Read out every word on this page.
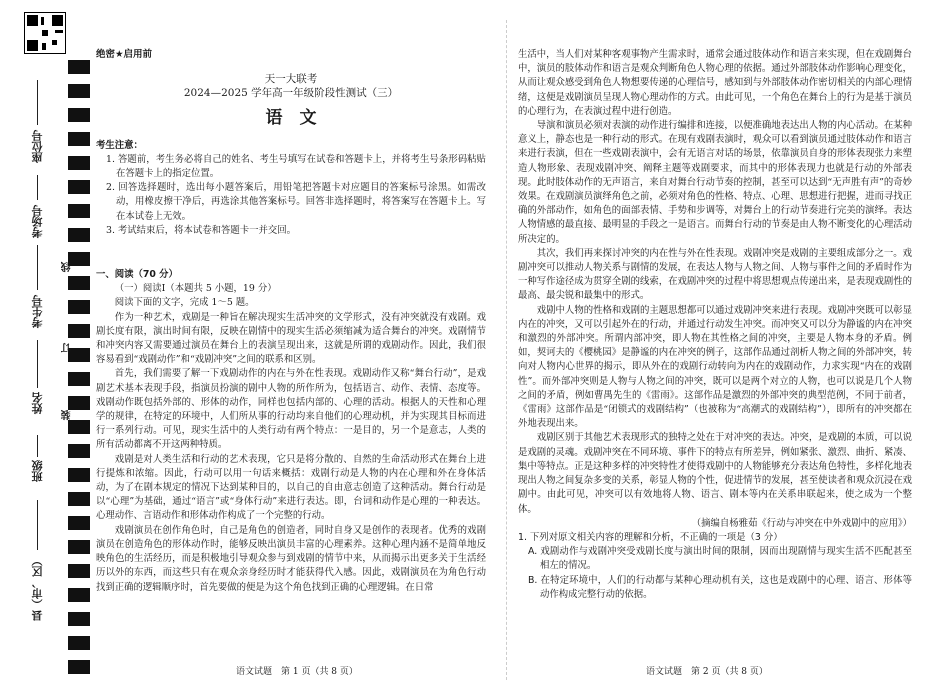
座位号
考场号
考生号
姓名
班级
县（市、区）
线
订
装
绝密★启用前
天一大联考
2024—2025 学年高一年级阶段性测试（三）
语　文
考生注意：

1. 答题前，考生务必将自己的姓名、考生号填写在试卷和答题卡上，并将考生号条形码粘贴在答题卡上的指定位置。

2. 回答选择题时，选出每小题答案后，用铅笔把答题卡对应题目的答案标号涂黑。如需改动，用橡皮擦干净后，再选涂其他答案标号。回答非选择题时，将答案写在答题卡上。写在本试卷上无效。

3. 考试结束后，将本试卷和答题卡一并交回。

一、阅读（70 分）

（一）阅读Ⅰ（本题共 5 小题，19 分）

阅读下面的文字，完成 1～5 题。

作为一种艺术，戏剧是一种旨在解决现实生活冲突的文学形式，没有冲突就没有戏剧。戏剧长度有限，演出时间有限，反映在剧情中的现实生活必须缩减为适合舞台的冲突。戏剧情节和冲突内容又需要通过演员在舞台上的表演呈现出来，这就是所谓的戏剧动作。因此，我们很容易看到“戏剧动作”和“戏剧冲突”之间的联系和区别。

首先，我们需要了解一下戏剧动作的内在与外在性表现。戏剧动作又称“舞台行动”，是戏剧艺术基本表现手段，指演员扮演的剧中人物的所作所为，包括语言、动作、表情、态度等。戏剧动作既包括外部的、形体的动作，同样也包括内部的、心理的活动。根据人的天性和心理学的规律，在特定的环境中，人们所从事的行动均来自他们的心理动机，并为实现其目标而进行一系列行动。可见，现实生活中的人类行动有两个特点：一是目的，另一个是意志，人类的所有活动都离不开这两种特质。

戏剧是对人类生活和行动的艺术表现，它只是将分散的、自然的生命活动形式在舞台上进行提炼和浓缩。因此，行动可以用一句话来概括：戏剧行动是人物的内在心理和外在身体活动，为了在剧本规定的情况下达到某种目的，以自己的自由意志创造了这种活动。舞台行动是以“心理”为基础，通过“语言”或“身体行动”来进行表达。即，台词和动作是心理的一种表达。心理动作、言语动作和形体动作构成了一个完整的行动。

戏剧演员在创作角色时，自己是角色的创造者，同时自身又是创作的表现者。优秀的戏剧演员在创造角色的形体动作时，能够反映出演员丰富的心理素养。这种心理内涵不是简单地反映角色的生活经历，而是积极地引导观众参与到戏剧的情节中来，从而揭示出更多关于生活经历以外的东西，而这些只有在观众亲身经历时才能获得代入感。因此，戏剧演员在为角色行动找到正确的逻辑顺序时，首先要做的便是为这个角色找到正确的心理逻辑。在日常

生活中，当人们对某种客观事物产生需求时，通常会通过肢体动作和语言来实现，但在戏剧舞台中，演员的肢体动作和语言是观众判断角色人物心理的依据。通过外部肢体动作影响心理变化，从而让观众感受到角色人物想要传递的心理信号，感知到与外部肢体动作密切相关的内部心理情绪，这便是戏剧演员呈现人物心理动作的方式。由此可见，一个角色在舞台上的行为是基于演员的心理行为，在表演过程中进行创造。

导演和演员必须对表演的动作进行编排和连接，以便准确地表达出人物的内心活动。在某种意义上，静态也是一种行动的形式。在现有戏剧表演时，观众可以看到演员通过肢体动作和语言来进行表演，但在一些戏剧表演中，会有无语言对话的场景，依靠演员自身的形体表现张力来塑造人物形象、表现戏剧冲突、阐释主题等戏剧要求，而其中的形体表现力也就是行动的外部表现。此时肢体动作的无声语言，来自对舞台行动节奏的控制，甚至可以达到“无声胜有声”的奇妙效果。在戏剧演员演绎角色之前，必须对角色的性格、特点、心理、思想进行把握，进而寻找正确的外部动作，如角色的面部表情、手势和步调等，对舞台上的行动节奏进行完美的演绎。表达人物情感的最直接、最明显的手段之一是语言。而舞台行动的节奏是由人物不断变化的心理活动所决定的。

其次，我们再来探讨冲突的内在性与外在性表现。戏剧冲突是戏剧的主要组成部分之一。戏剧冲突可以推动人物关系与剧情的发展，在表达人物与人物之间、人物与事件之间的矛盾时作为一种写作途径成为贯穿全剧的线索，在戏剧冲突的过程中将思想观点传递出来，是表现戏剧性的最高、最尖锐和最集中的形式。

戏剧中人物的性格和戏剧的主题思想都可以通过戏剧冲突来进行表现。戏剧冲突既可以彰显内在的冲突，又可以引起外在的行动，并通过行动发生冲突。而冲突又可以分为静谧的内在冲突和激烈的外部冲突。所谓内部冲突，即人物在其性格之间的冲突，主要是人物本身的矛盾。例如，契诃夫的《樱桃园》是静谧的内在冲突的例子，这部作品通过剖析人物之间的外部冲突，转向对人物内心世界的揭示，即从外在的戏剧行动转向为内在的戏剧动作，力求实现“内在的戏剧性”。而外部冲突则是人物与人物之间的冲突，既可以是两个对立的人物，也可以说是几个人物之间的矛盾，例如曹禺先生的《雷雨》。这部作品是激烈的外部冲突的典型范例，不同于前者，《雷雨》这部作品是“闭锁式的戏剧结构”（也被称为“高潮式的戏剧结构”），即所有的冲突都在外地表现出来。

戏剧区别于其他艺术表现形式的独特之处在于对冲突的表达。冲突，是戏剧的本质，可以说是戏剧的灵魂。戏剧冲突在不同环境、事件下的特点有所差异，例如紧张、激烈、曲折、紧凑、集中等特点。正是这种多样的冲突特性才使得戏剧中的人物能够充分表达角色特性，多样化地表现出人物之间复杂多变的关系，彰显人物的个性，促进情节的发展，甚至使读者和观众沉浸在戏剧中。由此可见，冲突可以有效地将人物、语言、剧本等内在关系串联起来，使之成为一个整体。

（摘编自杨雅茹《行动与冲突在中外戏剧中的应用》）

1. 下列对原文相关内容的理解和分析，不正确的一项是（3 分）

A. 戏剧动作与戏剧冲突受戏剧长度与演出时间的限制，因而出现剧情与现实生活不匹配甚至相左的情况。

B. 在特定环境中，人们的行动都与某种心理动机有关，这也是戏剧中的心理、语言、形体等动作构成完整行动的依据。

语文试题　第 1 页（共 8 页）	语文试题　第 2 页（共 8 页）
